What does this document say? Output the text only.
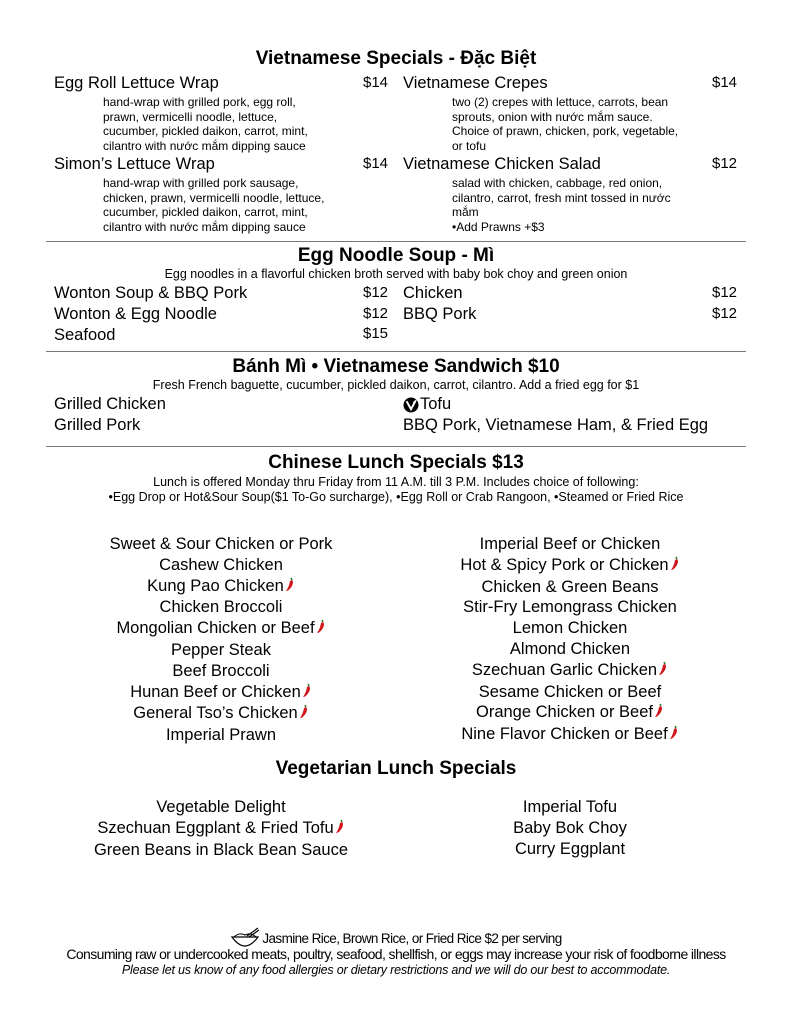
Vietnamese Specials - Đặc Biệt
Egg Roll Lettuce Wrap	$14
hand-wrap with grilled pork, egg roll,
prawn, vermicelli noodle, lettuce,
cucumber, pickled daikon, carrot, mint,
cilantro with nước mắm dipping sauce
Vietnamese Crepes	$14
two (2) crepes with lettuce, carrots, bean
sprouts, onion with nước mắm sauce.
Choice of prawn, chicken, pork, vegetable,
or tofu
Simon’s Lettuce Wrap	$14
hand-wrap with grilled pork sausage,
chicken, prawn, vermicelli noodle, lettuce,
cucumber, pickled daikon, carrot, mint,
cilantro with nước mắm dipping sauce
Vietnamese Chicken Salad	$12
salad with chicken, cabbage, red onion,
cilantro, carrot, fresh mint tossed in nước
mắm
•Add Prawns +$3
Egg Noodle Soup - Mì
Egg noodles in a flavorful chicken broth served with baby bok choy and green onion
Wonton Soup & BBQ Pork	$12
Wonton & Egg Noodle	$12
Seafood	$15
Chicken	$12
BBQ Pork	$12
Bánh Mì • Vietnamese Sandwich $10
Fresh French baguette, cucumber, pickled daikon, carrot, cilantro. Add a fried egg for $1
Grilled Chicken
Grilled Pork
Tofu
BBQ Pork, Vietnamese Ham, & Fried Egg
Chinese Lunch Specials $13
Lunch is offered Monday thru Friday from 11 A.M. till 3 P.M. Includes choice of following:
•Egg Drop or Hot&Sour Soup($1 To-Go surcharge), •Egg Roll or Crab Rangoon, •Steamed or Fried Rice
Sweet & Sour Chicken or Pork
Cashew Chicken
Kung Pao Chicken
Chicken Broccoli
Mongolian Chicken or Beef
Pepper Steak
Beef Broccoli
Hunan Beef or Chicken
General Tso’s Chicken
Imperial Prawn
Imperial Beef or Chicken
Hot & Spicy Pork or Chicken
Chicken & Green Beans
Stir-Fry Lemongrass Chicken
Lemon Chicken
Almond Chicken
Szechuan Garlic Chicken
Sesame Chicken or Beef
Orange Chicken or Beef
Nine Flavor Chicken or Beef
Vegetarian Lunch Specials
Vegetable Delight
Szechuan Eggplant & Fried Tofu
Green Beans in Black Bean Sauce
Imperial Tofu
Baby Bok Choy
Curry Eggplant
Jasmine Rice, Brown Rice, or Fried Rice $2 per serving
Consuming raw or undercooked meats, poultry, seafood, shellfish, or eggs may increase your risk of foodborne illness
Please let us know of any food allergies or dietary restrictions and we will do our best to accommodate.
